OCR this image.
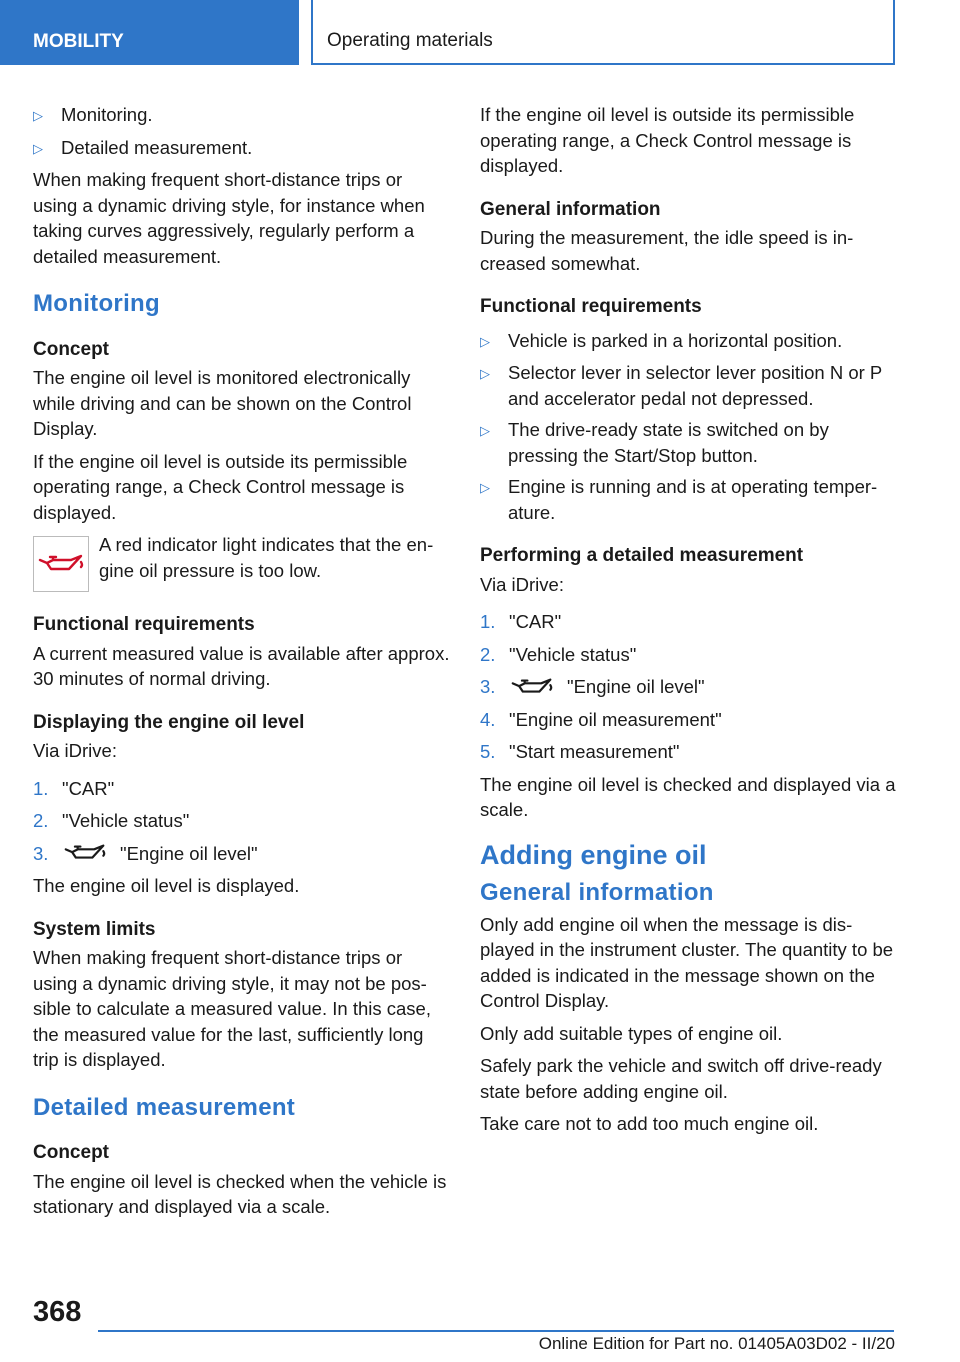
MOBILITY	Operating materials
▷ Monitoring.
▷ Detailed measurement.

When making frequent short-distance trips or using a dynamic driving style, for instance when taking curves aggressively, regularly perform a detailed measurement.

Monitoring
Concept

The engine oil level is monitored electronically while driving and can be shown on the Control Display.

If the engine oil level is outside its permissible operating range, a Check Control message is displayed.

A red indicator light indicates that the engine oil pressure is too low.
Functional requirements

A current measured value is available after approx. 30 minutes of normal driving.

Displaying the engine oil level

Via iDrive:

1. "CAR"
2. "Vehicle status"
3.	"Engine oil level"

The engine oil level is displayed.

System limits

When making frequent short-distance trips or using a dynamic driving style, it may not be possible to calculate a measured value. In this case, the measured value for the last, sufficiently long trip is displayed.

Detailed measurement
Concept

The engine oil level is checked when the vehicle is stationary and displayed via a scale.

If the engine oil level is outside its permissible operating range, a Check Control message is displayed.

General information

During the measurement, the idle speed is increased somewhat.

Functional requirements
▷ Vehicle is parked in a horizontal position.
▷ Selector lever in selector lever position N or P and accelerator pedal not depressed.
▷ The drive-ready state is switched on by pressing the Start/Stop button.
▷ Engine is running and is at operating temperature.
Performing a detailed measurement

Via iDrive:

1. "CAR"
2. "Vehicle status"
3.	"Engine oil level"
4. "Engine oil measurement"
5. "Start measurement"

The engine oil level is checked and displayed via a scale.

Adding engine oil
General information

Only add engine oil when the message is displayed in the instrument cluster. The quantity to be added is indicated in the message shown on the Control Display.

Only add suitable types of engine oil.

Safely park the vehicle and switch off drive-ready state before adding engine oil.

Take care not to add too much engine oil.

368
Online Edition for Part no. 01405A03D02 - II/20
